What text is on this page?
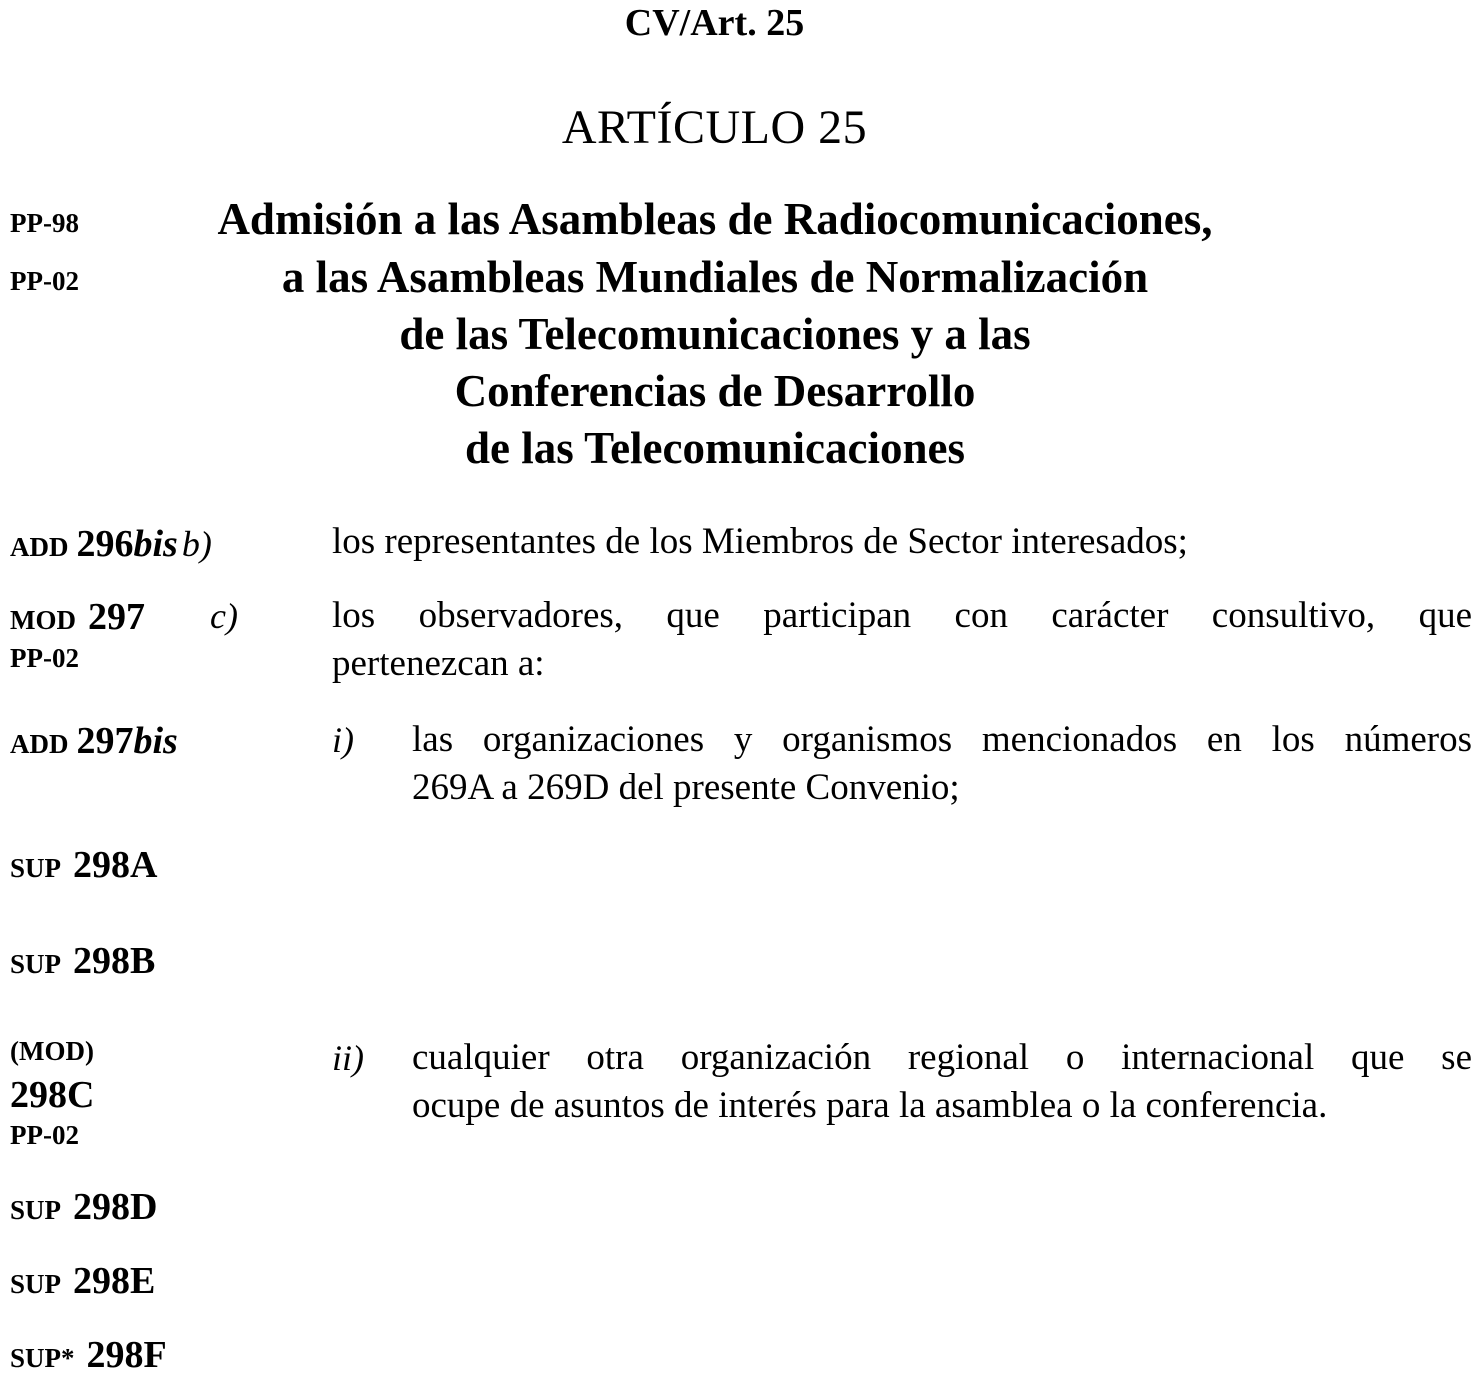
CV/Art. 25
ARTÍCULO 25
PP-98
PP-02
Admisión a las Asambleas de Radiocomunicaciones,
a las Asambleas Mundiales de Normalización
de las Telecomunicaciones y a las
Conferencias de Desarrollo
de las Telecomunicaciones
ADD 296bis b)	los representantes de los Miembros de Sector interesados;
MOD 297 c)
PP-02
los observadores, que participan con carácter consultivo, que
pertenezcan a:
ADD 297bis	i) las organizaciones y organismos mencionados en los números
269A a 269D del presente Convenio;
SUP 298A
SUP 298B
(MOD)
298C
PP-02
ii) cualquier otra organización regional o internacional que se
ocupe de asuntos de interés para la asamblea o la conferencia.
SUP 298D
SUP 298E
SUP* 298F
